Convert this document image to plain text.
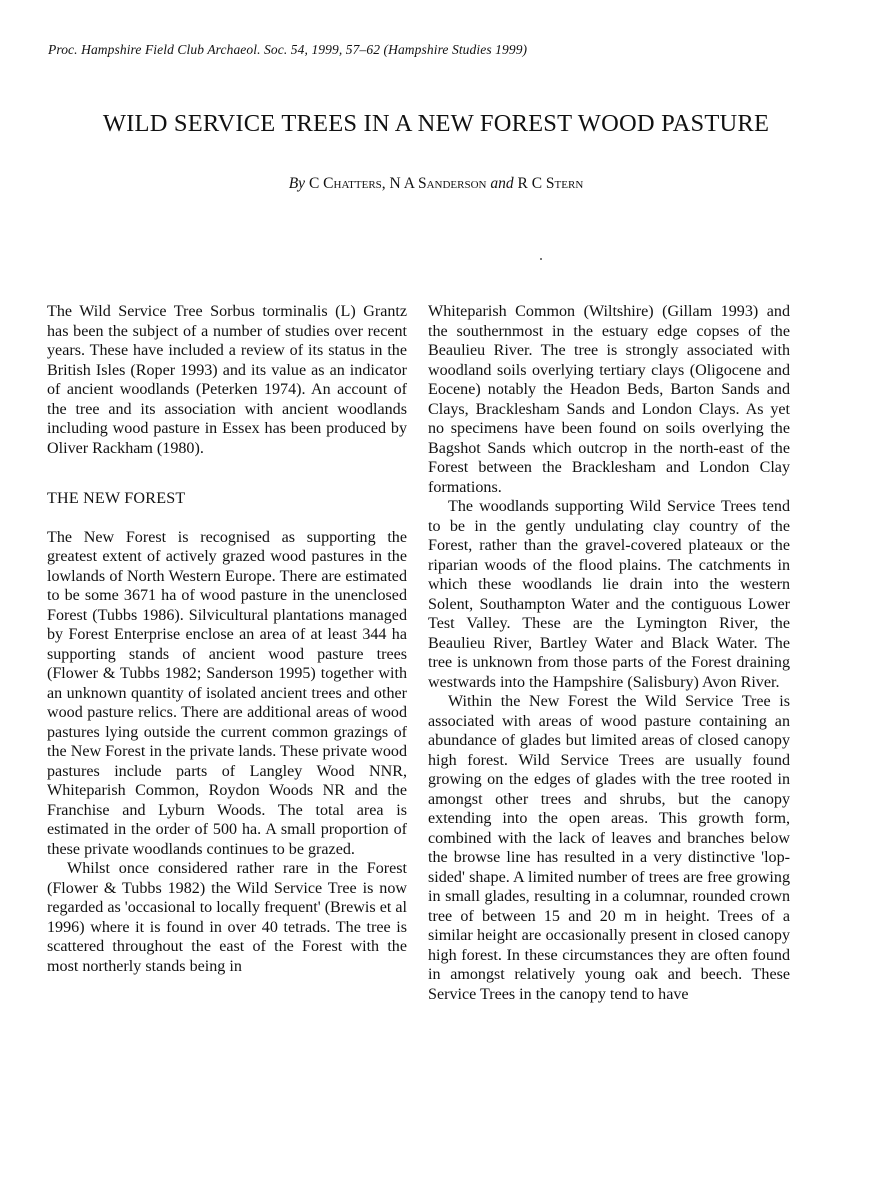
Proc. Hampshire Field Club Archaeol. Soc. 54, 1999, 57–62 (Hampshire Studies 1999)
WILD SERVICE TREES IN A NEW FOREST WOOD PASTURE
By C Chatters, N A Sanderson and R C Stern

The Wild Service Tree Sorbus torminalis (L) Grantz has been the subject of a number of studies over recent years. These have included a review of its status in the British Isles (Roper 1993) and its value as an indicator of ancient woodlands (Peterken 1974). An account of the tree and its association with ancient woodlands including wood pasture in Essex has been produced by Oliver Rackham (1980).

THE NEW FOREST

The New Forest is recognised as supporting the greatest extent of actively grazed wood pastures in the lowlands of North Western Europe. There are estimated to be some 3671 ha of wood pasture in the unenclosed Forest (Tubbs 1986). Silvicultural plantations managed by Forest Enterprise enclose an area of at least 344 ha supporting stands of ancient wood pasture trees (Flower & Tubbs 1982; Sanderson 1995) together with an unknown quantity of isolated ancient trees and other wood pasture relics. There are additional areas of wood pastures lying outside the current common grazings of the New Forest in the private lands. These private wood pastures include parts of Langley Wood NNR, Whiteparish Common, Roydon Woods NR and the Franchise and Lyburn Woods. The total area is estimated in the order of 500 ha. A small proportion of these private woodlands continues to be grazed.

Whilst once considered rather rare in the Forest (Flower & Tubbs 1982) the Wild Service Tree is now regarded as 'occasional to locally frequent' (Brewis et al 1996) where it is found in over 40 tetrads. The tree is scattered throughout the east of the Forest with the most northerly stands being in

Whiteparish Common (Wiltshire) (Gillam 1993) and the southernmost in the estuary edge copses of the Beaulieu River. The tree is strongly associated with woodland soils overlying tertiary clays (Oligocene and Eocene) notably the Headon Beds, Barton Sands and Clays, Bracklesham Sands and London Clays. As yet no specimens have been found on soils overlying the Bagshot Sands which outcrop in the north-east of the Forest between the Bracklesham and London Clay formations.

The woodlands supporting Wild Service Trees tend to be in the gently undulating clay country of the Forest, rather than the gravel-covered plateaux or the riparian woods of the flood plains. The catchments in which these woodlands lie drain into the western Solent, Southampton Water and the contiguous Lower Test Valley. These are the Lymington River, the Beaulieu River, Bartley Water and Black Water. The tree is unknown from those parts of the Forest draining westwards into the Hampshire (Salisbury) Avon River.

Within the New Forest the Wild Service Tree is associated with areas of wood pasture containing an abundance of glades but limited areas of closed canopy high forest. Wild Service Trees are usually found growing on the edges of glades with the tree rooted in amongst other trees and shrubs, but the canopy extending into the open areas. This growth form, combined with the lack of leaves and branches below the browse line has resulted in a very distinctive 'lop-sided' shape. A limited number of trees are free growing in small glades, resulting in a columnar, rounded crown tree of between 15 and 20 m in height. Trees of a similar height are occasionally present in closed canopy high forest. In these circumstances they are often found in amongst relatively young oak and beech. These Service Trees in the canopy tend to have
